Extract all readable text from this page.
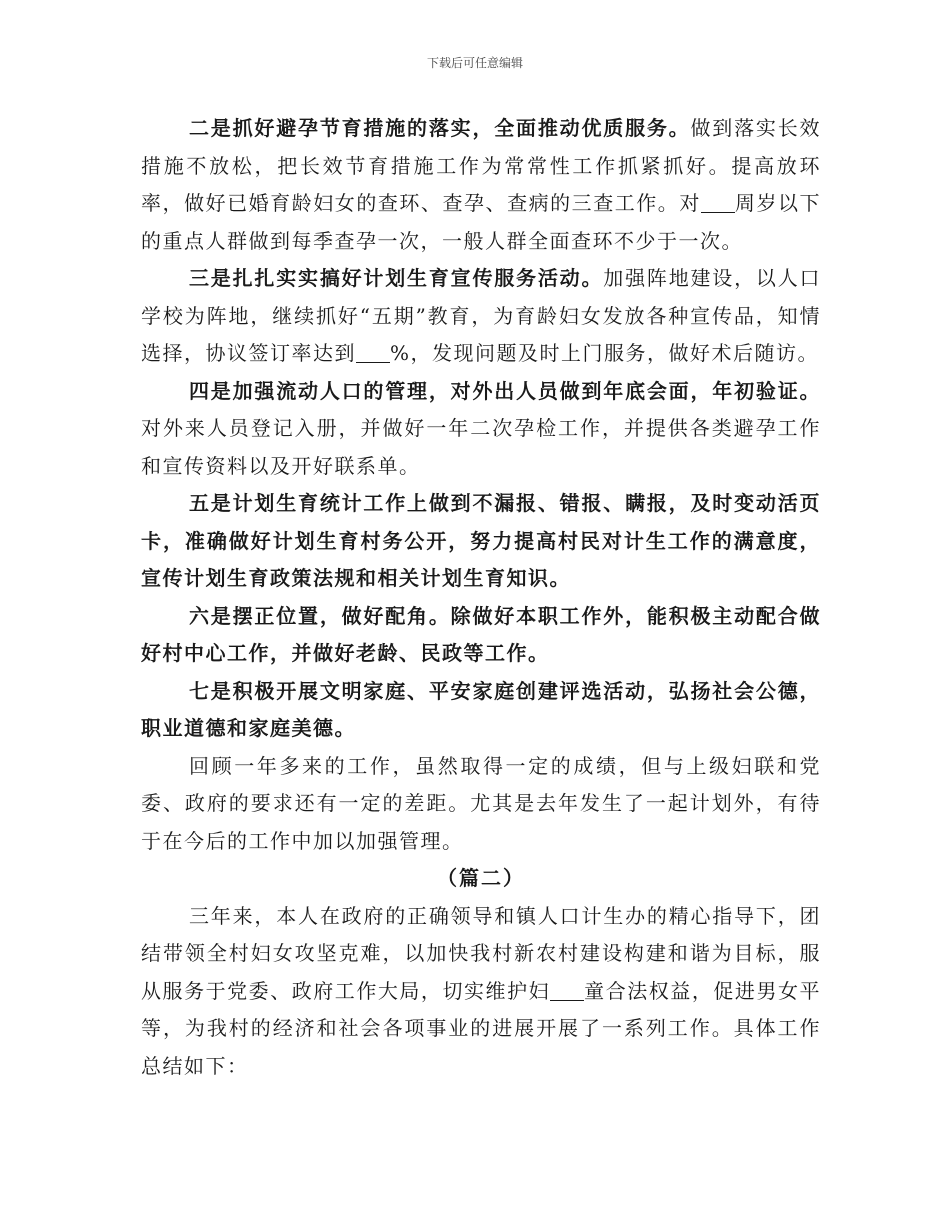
下载后可任意编辑

二是抓好避孕节育措施的落实，全面推动优质服务。做到落实长效措施不放松，把长效节育措施工作为常常性工作抓紧抓好。提高放环率，做好已婚育龄妇女的查环、查孕、查病的三查工作。对 周岁以下的重点人群做到每季查孕一次，一般人群全面查环不少于一次。

三是扎扎实实搞好计划生育宣传服务活动。加强阵地建设，以人口学校为阵地，继续抓好“五期”教育，为育龄妇女发放各种宣传品，知情选择，协议签订率达到 %，发现问题及时上门服务，做好术后随访。

四是加强流动人口的管理，对外出人员做到年底会面，年初验证。对外来人员登记入册，并做好一年二次孕检工作，并提供各类避孕工作和宣传资料以及开好联系单。

五是计划生育统计工作上做到不漏报、错报、瞒报，及时变动活页卡，准确做好计划生育村务公开，努力提高村民对计生工作的满意度，宣传计划生育政策法规和相关计划生育知识。

六是摆正位置，做好配角。除做好本职工作外，能积极主动配合做好村中心工作，并做好老龄、民政等工作。

七是积极开展文明家庭、平安家庭创建评选活动，弘扬社会公德，职业道德和家庭美德。

回顾一年多来的工作，虽然取得一定的成绩，但与上级妇联和党委、政府的要求还有一定的差距。尤其是去年发生了一起计划外，有待于在今后的工作中加以加强管理。

（篇二）

三年来，本人在政府的正确领导和镇人口计生办的精心指导下，团结带领全村妇女攻坚克难，以加快我村新农村建设构建和谐为目标，服从服务于党委、政府工作大局，切实维护妇 童合法权益，促进男女平等，为我村的经济和社会各项事业的进展开展了一系列工作。具体工作总结如下：
